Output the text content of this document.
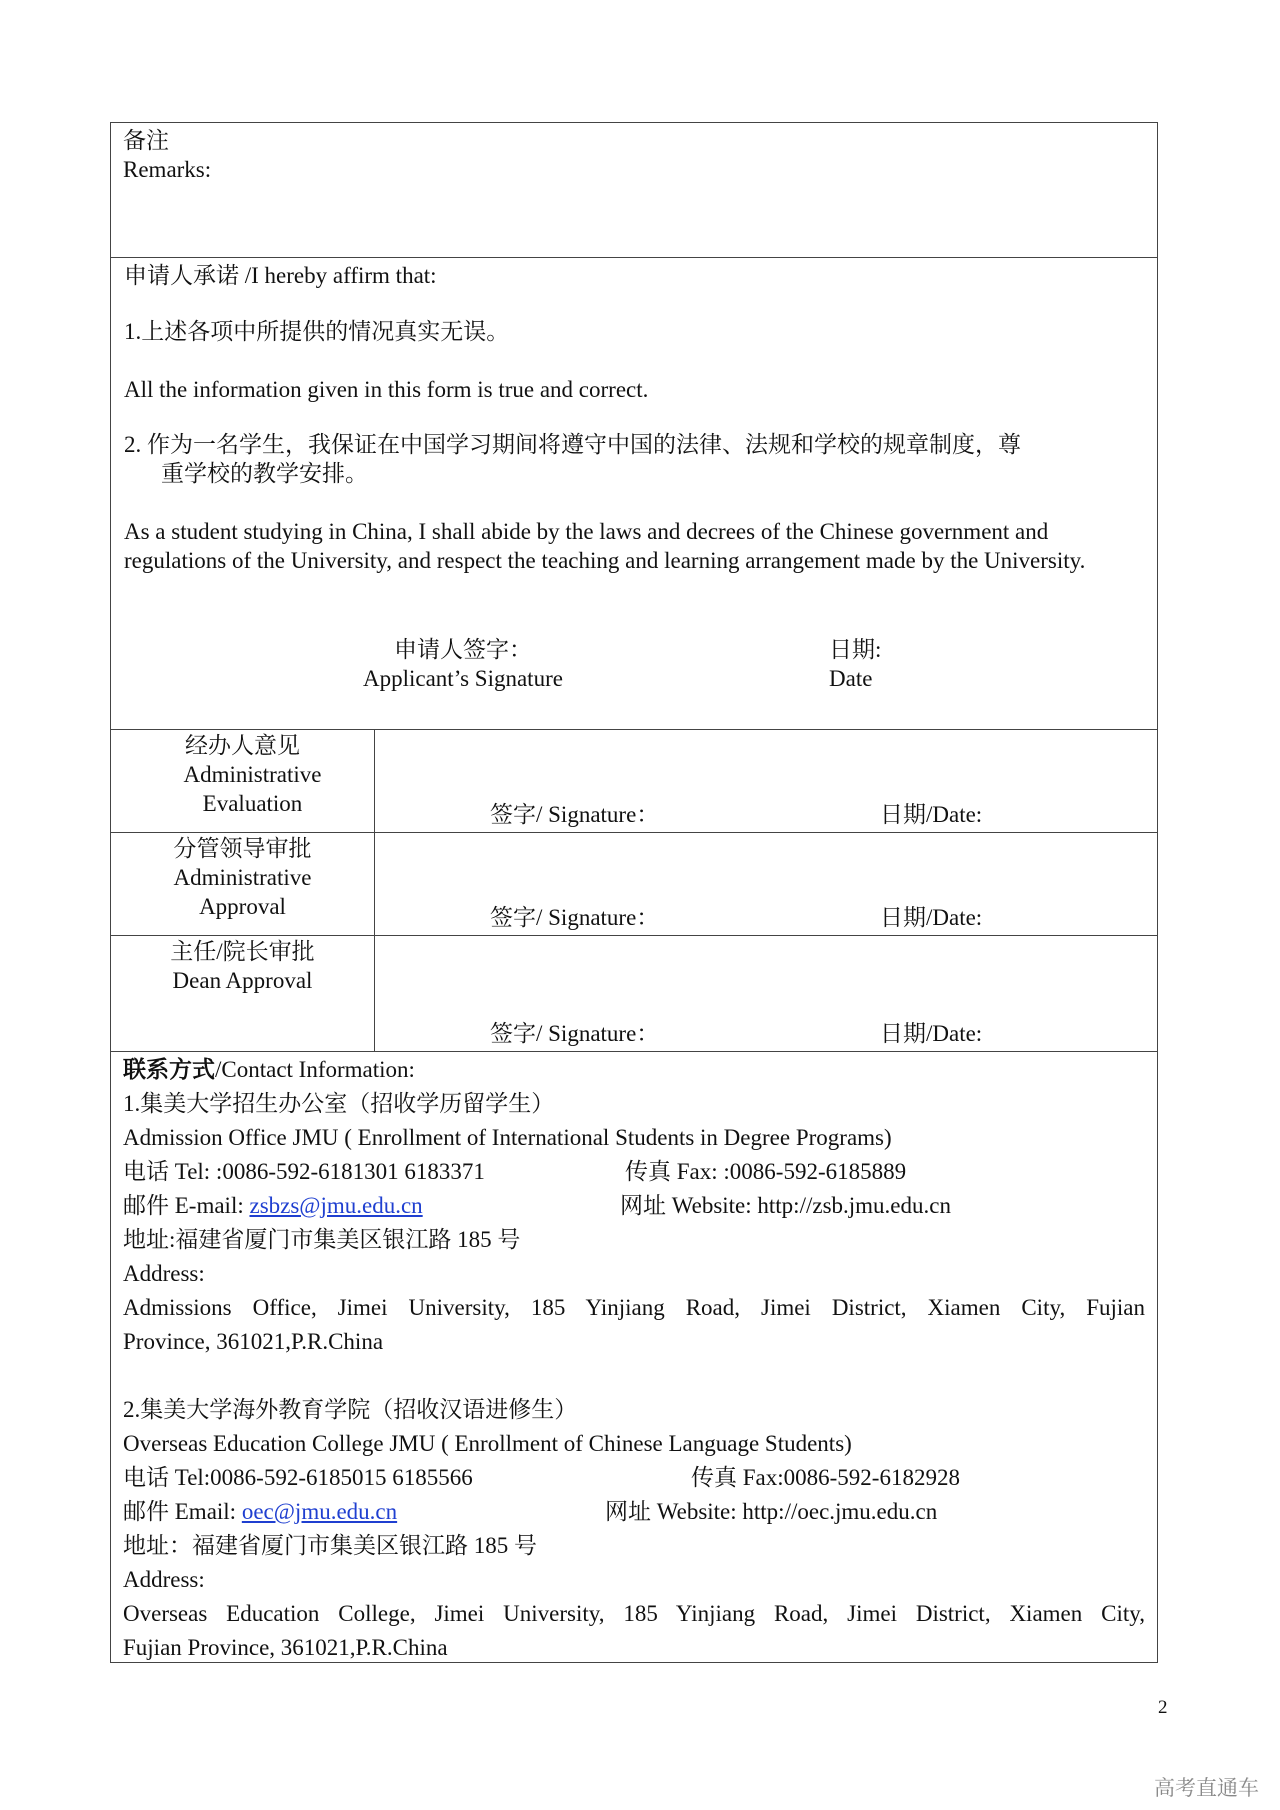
备注
Remarks:

申请人承诺 /I hereby affirm that:

1.上述各项中所提供的情况真实无误。

All the information given in this form is true and correct.

2. 作为一名学生，我保证在中国学习期间将遵守中国的法律、法规和学校的规章制度，尊
重学校的教学安排。

As a student studying in China, I shall abide by the laws and decrees of the Chinese government and regulations of the University, and respect the teaching and learning arrangement made by the University.

申请人签字：
Applicant’s Signature
日期:
Date
经办人意见
Administrative
Evaluation	签字/ Signature：	日期/Date:
分管领导审批
Administrative
Approval	签字/ Signature：	日期/Date:
主任/院长审批
Dean Approval
签字/ Signature：	日期/Date:
联系方式/Contact Information:
1.集美大学招生办公室（招收学历留学生）
Admission Office JMU ( Enrollment of International Students in Degree Programs)
电话 Tel: :0086-592-6181301 6183371	传真 Fax: :0086-592-6185889
邮件 E-mail: zsbzs@jmu.edu.cn	网址 Website: http://zsb.jmu.edu.cn
地址:福建省厦门市集美区银江路 185 号
Address:
Admissions Office, Jimei University, 185 Yinjiang Road, Jimei District, Xiamen City, Fujian
Province, 361021,P.R.China
2.集美大学海外教育学院（招收汉语进修生）
Overseas Education College JMU ( Enrollment of Chinese Language Students)
电话 Tel:0086-592-6185015 6185566	传真 Fax:0086-592-6182928
邮件 Email: oec@jmu.edu.cn	网址 Website: http://oec.jmu.edu.cn
地址：福建省厦门市集美区银江路 185 号
Address:
Overseas Education College, Jimei University, 185 Yinjiang Road, Jimei District, Xiamen City,
Fujian Province, 361021,P.R.China
2
高考直通车
